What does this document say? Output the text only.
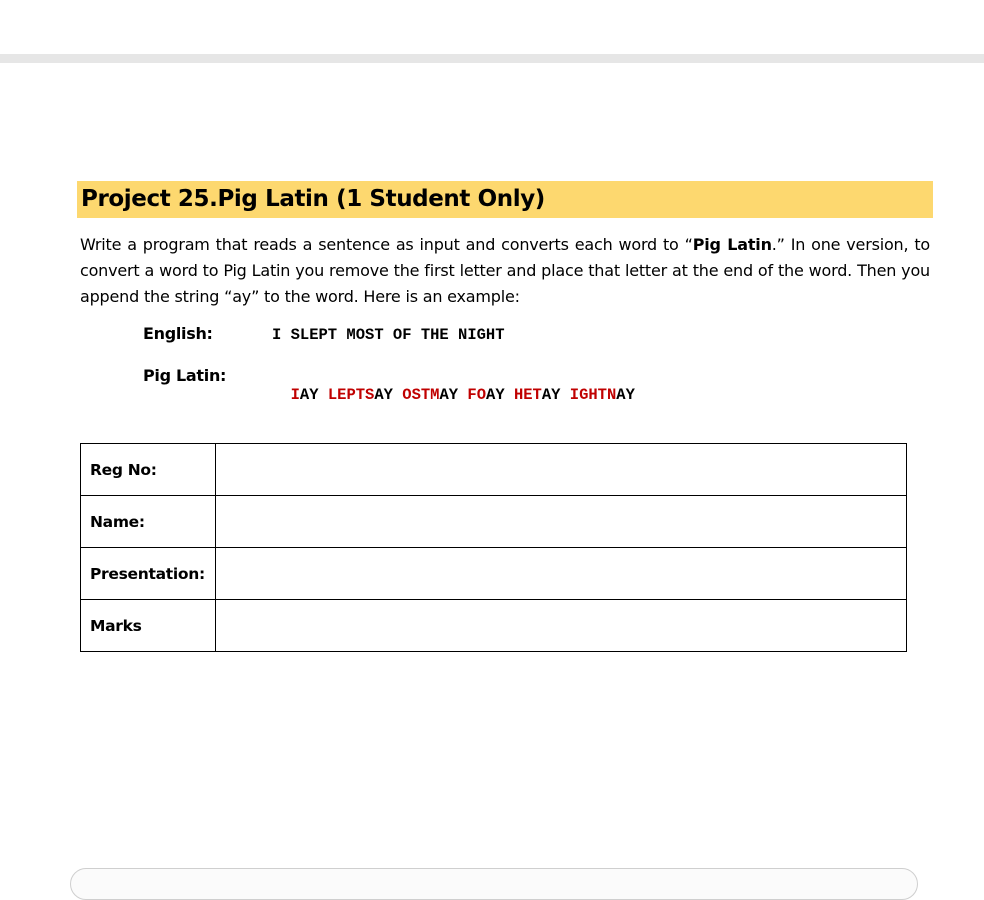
Project 25.Pig Latin (1 Student Only)

Write a program that reads a sentence as input and converts each word to “Pig Latin.” In one version, to convert a word to Pig Latin you remove the first letter and place that letter at the end of the word. Then you append the string “ay” to the word. Here is an example:

English:	I SLEPT MOST OF THE NIGHT
Pig Latin:

IAY LEPTSAY OSTMAY FOAY HETAY IGHTNAY

Reg No:	
Name:	
Presentation:	
Marks	
